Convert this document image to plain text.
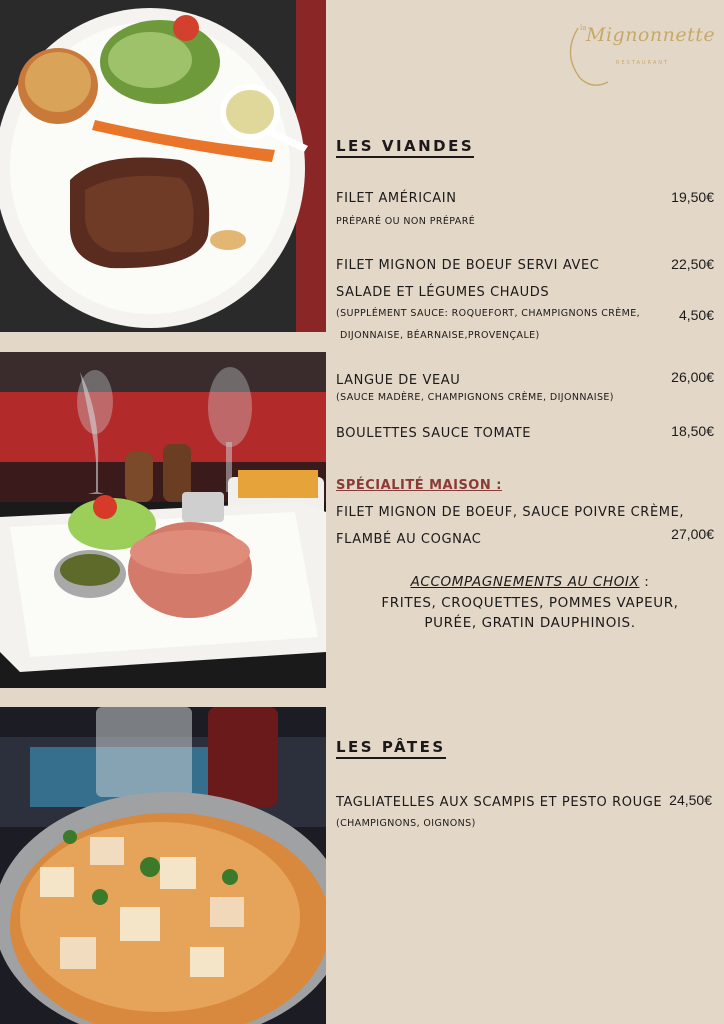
la Mignonnette
RESTAURANT
LES VIANDES
FILET AMÉRICAIN
PRÉPARÉ OU NON PRÉPARÉ
19,50€
FILET MIGNON DE BOEUF SERVI AVEC
SALADE ET LÉGUMES CHAUDS
(SUPPLÉMENT SAUCE: ROQUEFORT, CHAMPIGNONS CRÈME,
DIJONNAISE, BÉARNAISE,PROVENÇALE)
22,50€
4,50€
LANGUE DE VEAU
(SAUCE MADÈRE, CHAMPIGNONS CRÈME, DIJONNAISE)
26,00€
BOULETTES SAUCE TOMATE	18,50€
SPÉCIALITÉ MAISON :
FILET MIGNON DE BOEUF, SAUCE POIVRE CRÈME,
FLAMBÉ AU COGNAC	27,00€
ACCOMPAGNEMENTS AU CHOIX :
FRITES, CROQUETTES, POMMES VAPEUR,
PURÉE, GRATIN DAUPHINOIS.
LES PÂTES
TAGLIATELLES AUX SCAMPIS ET PESTO ROUGE
(CHAMPIGNONS, OIGNONS)
24,50€
